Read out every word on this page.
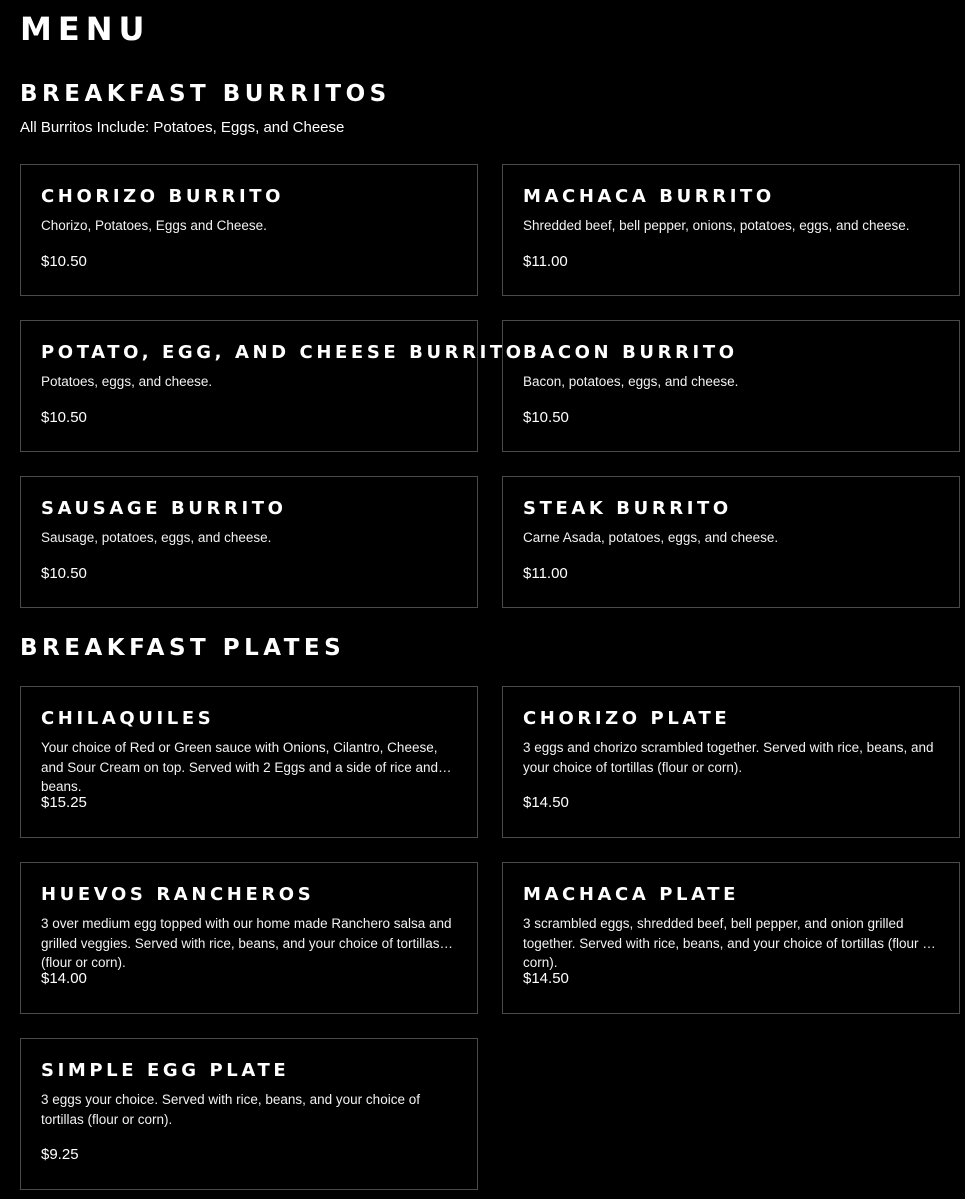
MENU
BREAKFAST BURRITOS

All Burritos Include: Potatoes, Eggs, and Cheese

CHORIZO BURRITO
Chorizo, Potatoes, Eggs and Cheese.
$10.50
MACHACA BURRITO
Shredded beef, bell pepper, onions, potatoes, eggs, and cheese.
$11.00
POTATO, EGG, AND CHEESE BURRITO
Potatoes, eggs, and cheese.
$10.50
BACON BURRITO
Bacon, potatoes, eggs, and cheese.
$10.50
SAUSAGE BURRITO
Sausage, potatoes, eggs, and cheese.
$10.50
STEAK BURRITO
Carne Asada, potatoes, eggs, and cheese.
$11.00
BREAKFAST PLATES
CHILAQUILES
Your choice of Red or Green sauce with Onions, Cilantro, Cheese, and Sour Cream on top. Served with 2 Eggs and a side of rice and beans.
$15.25
CHORIZO PLATE
3 eggs and chorizo scrambled together. Served with rice, beans, and your choice of tortillas (flour or corn).
$14.50
HUEVOS RANCHEROS
3 over medium egg topped with our home made Ranchero salsa and grilled veggies. Served with rice, beans, and your choice of tortillas (flour or corn).
$14.00
MACHACA PLATE
3 scrambled eggs, shredded beef, bell pepper, and onion grilled together. Served with rice, beans, and your choice of tortillas (flour or corn).
$14.50
SIMPLE EGG PLATE
3 eggs your choice. Served with rice, beans, and your choice of tortillas (flour or corn).
$9.25
